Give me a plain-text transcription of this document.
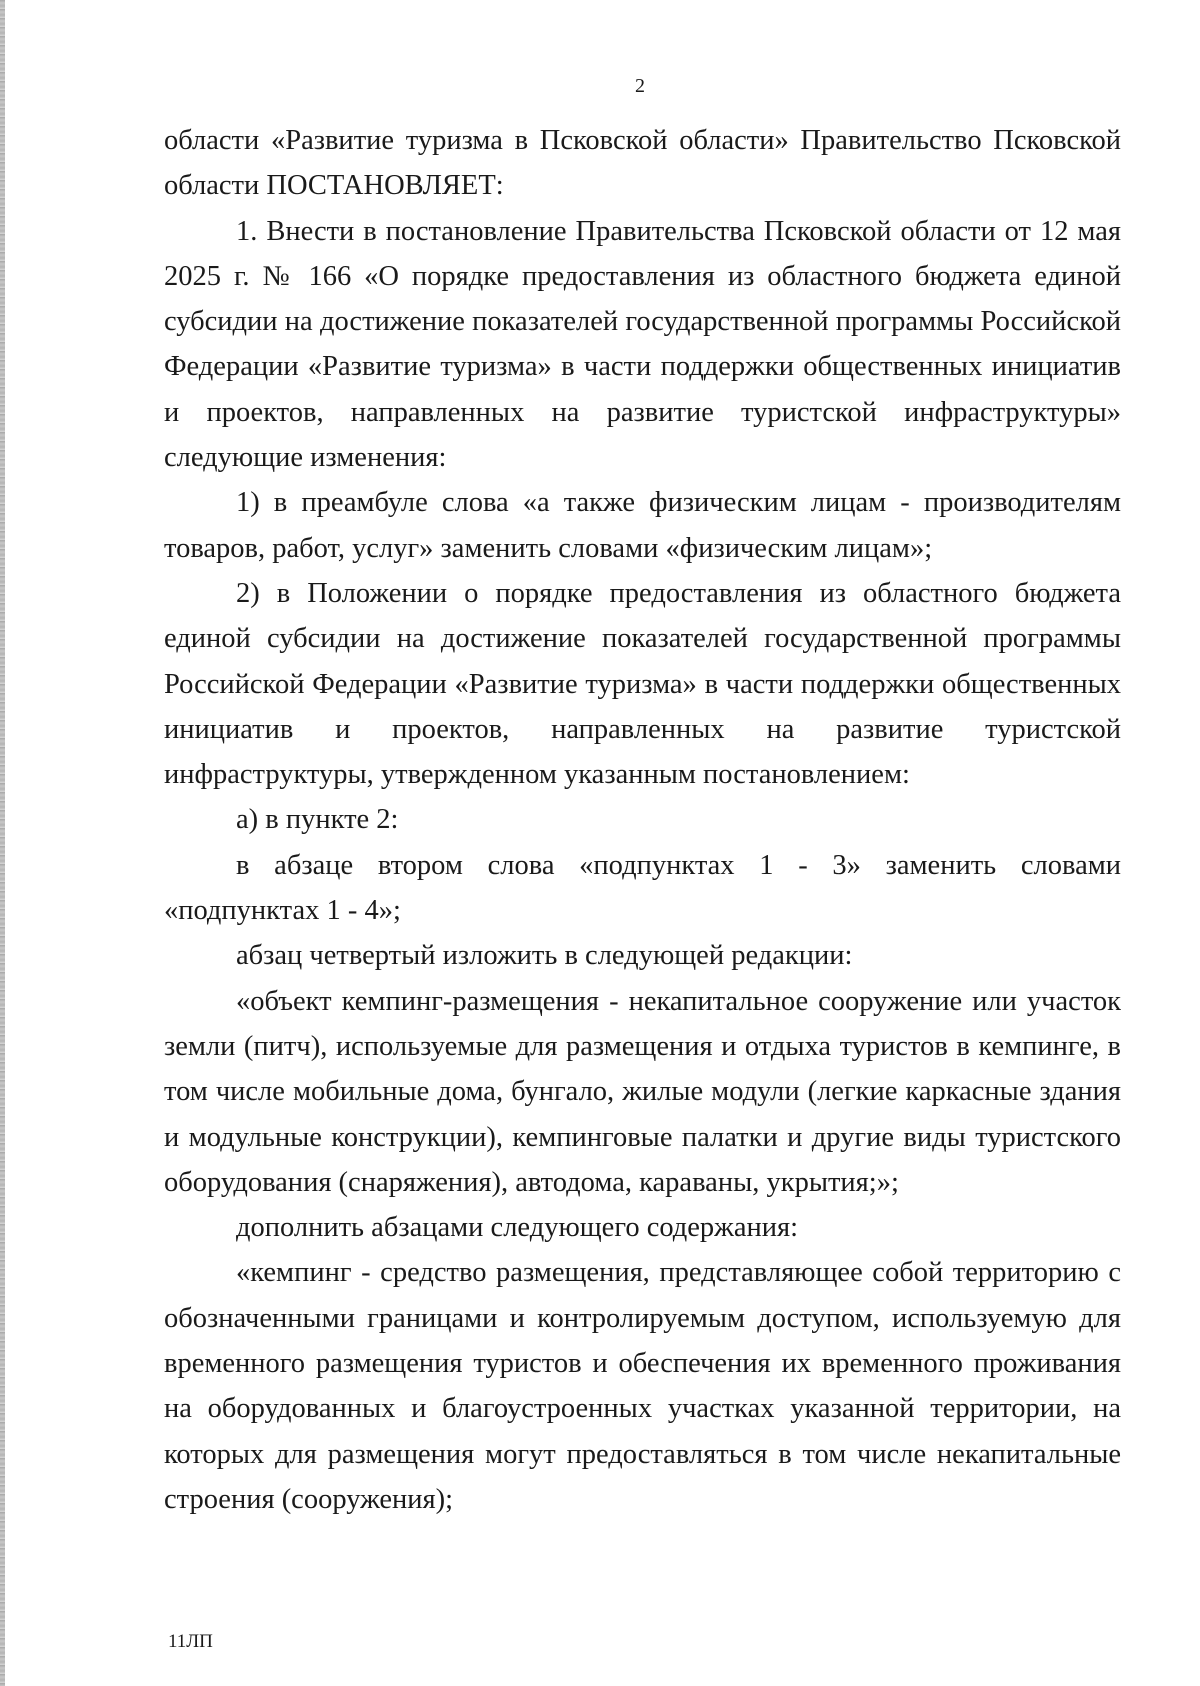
2

области «Развитие туризма в Псковской области» Правительство Псковской области ПОСТАНОВЛЯЕТ:

1. Внести в постановление Правительства Псковской области от 12 мая 2025 г. № 166 «О порядке предоставления из областного бюджета единой субсидии на достижение показателей государственной программы Российской Федерации «Развитие туризма» в части поддержки общественных инициатив и проектов, направленных на развитие туристской инфраструктуры» следующие изменения:

1) в преамбуле слова «а также физическим лицам - производителям товаров, работ, услуг» заменить словами «физическим лицам»;

2) в Положении о порядке предоставления из областного бюджета единой субсидии на достижение показателей государственной программы Российской Федерации «Развитие туризма» в части поддержки общественных инициатив и проектов, направленных на развитие туристской инфраструктуры, утвержденном указанным постановлением:

а) в пункте 2:

в абзаце втором слова «подпунктах 1 - 3» заменить словами «подпунктах 1 - 4»;

абзац четвертый изложить в следующей редакции:

«объект кемпинг-размещения - некапитальное сооружение или участок земли (питч), используемые для размещения и отдыха туристов в кемпинге, в том числе мобильные дома, бунгало, жилые модули (легкие каркасные здания и модульные конструкции), кемпинговые палатки и другие виды туристского оборудования (снаряжения), автодома, караваны, укрытия;»;

дополнить абзацами следующего содержания:

«кемпинг - средство размещения, представляющее собой территорию с обозначенными границами и контролируемым доступом, используемую для временного размещения туристов и обеспечения их временного проживания на оборудованных и благоустроенных участках указанной территории, на которых для размещения могут предоставляться в том числе некапитальные строения (сооружения);

11ЛП
